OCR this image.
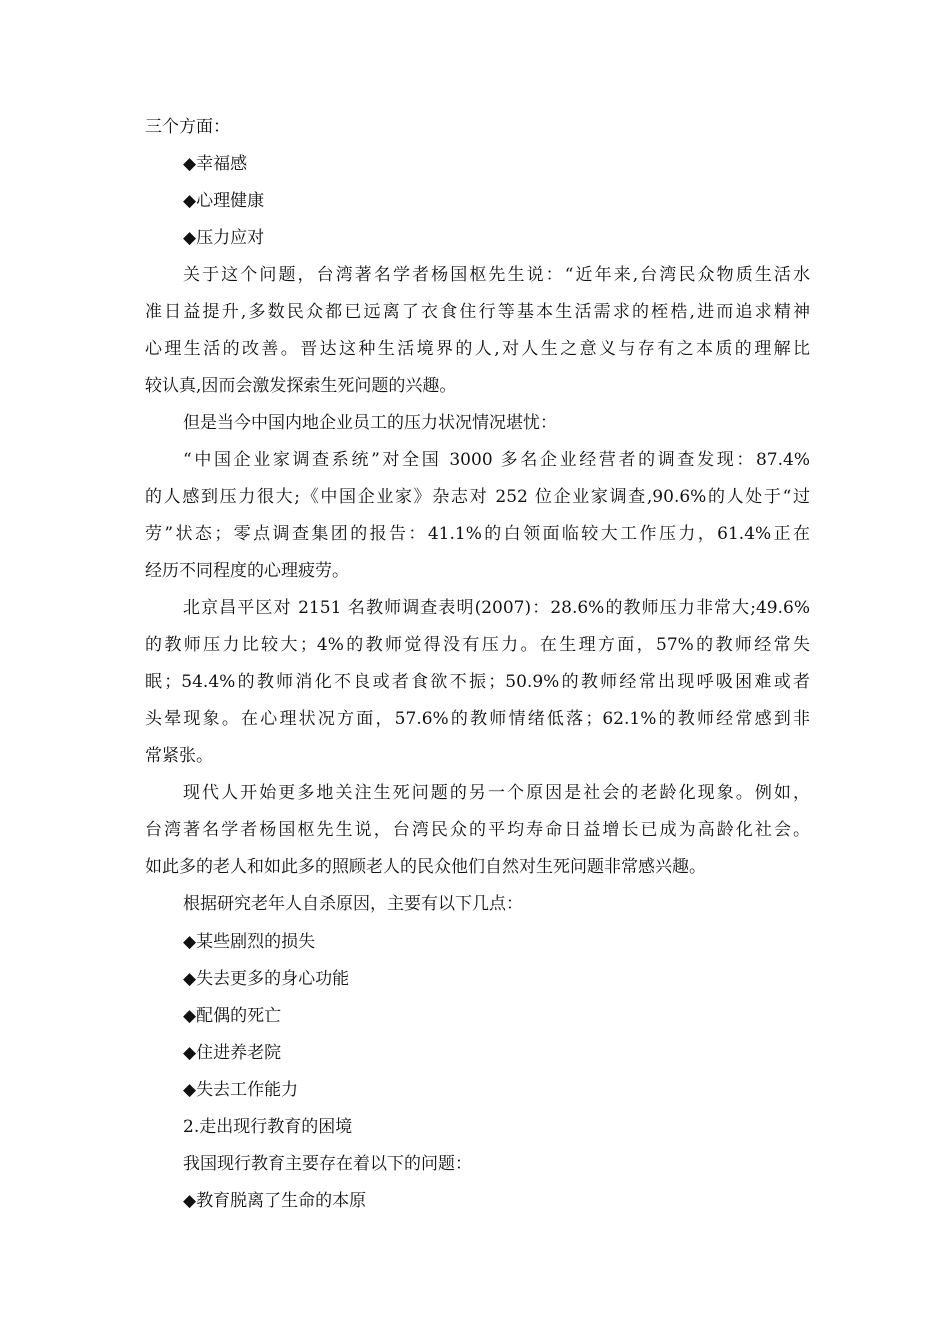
三个方面：
◆幸福感
◆心理健康
◆压力应对
关于这个问题，台湾著名学者杨国枢先生说：“近年来,台湾民众物质生活水
准日益提升,多数民众都已远离了衣食住行等基本生活需求的桎梏,进而追求精神
心理生活的改善。晋达这种生活境界的人,对人生之意义与存有之本质的理解比
较认真,因而会激发探索生死问题的兴趣。
但是当今中国内地企业员工的压力状况情况堪忧：
“中国企业家调查系统”对全国 3000 多名企业经营者的调查发现：87.4%
的人感到压力很大;《中国企业家》杂志对 252 位企业家调查,90.6%的人处于“过
劳”状态；零点调查集团的报告：41.1%的白领面临较大工作压力，61.4%正在
经历不同程度的心理疲劳。
北京昌平区对 2151 名教师调查表明(2007)：28.6%的教师压力非常大;49.6%
的教师压力比较大；4%的教师觉得没有压力。在生理方面，57%的教师经常失
眠；54.4%的教师消化不良或者食欲不振；50.9%的教师经常出现呼吸困难或者
头晕现象。在心理状况方面，57.6%的教师情绪低落；62.1%的教师经常感到非
常紧张。
现代人开始更多地关注生死问题的另一个原因是社会的老龄化现象。例如，
台湾著名学者杨国枢先生说，台湾民众的平均寿命日益增长已成为高龄化社会。
如此多的老人和如此多的照顾老人的民众他们自然对生死问题非常感兴趣。
根据研究老年人自杀原因，主要有以下几点：
◆某些剧烈的损失
◆失去更多的身心功能
◆配偶的死亡
◆住进养老院
◆失去工作能力
2.走出现行教育的困境
我国现行教育主要存在着以下的问题：
◆教育脱离了生命的本原
